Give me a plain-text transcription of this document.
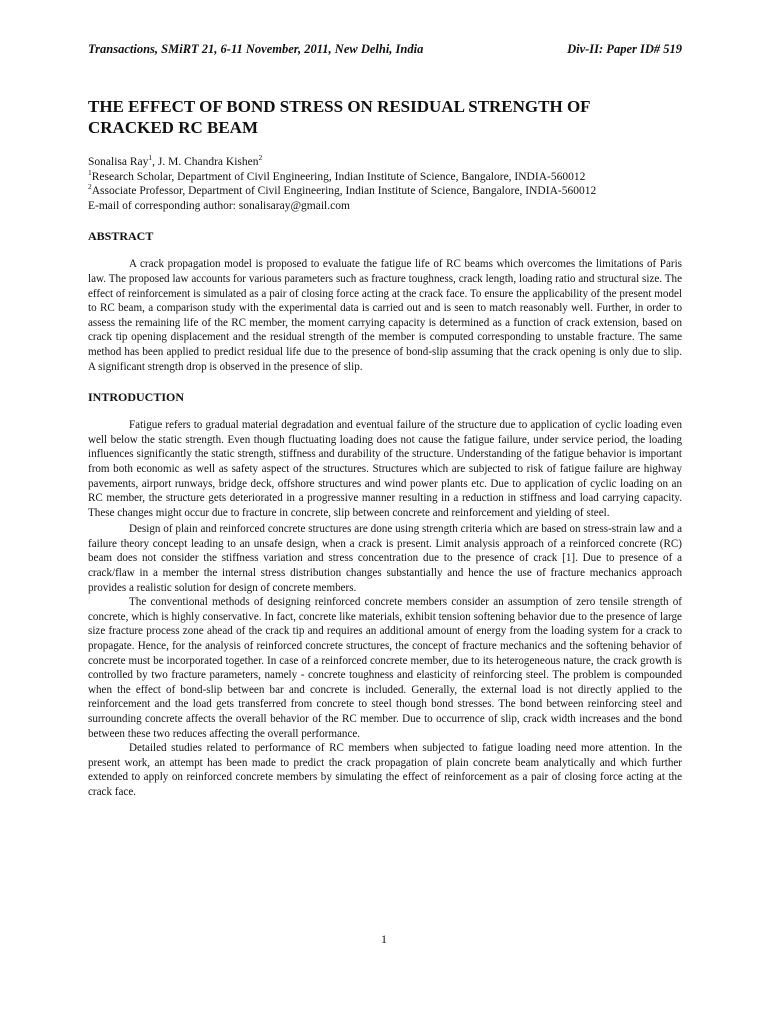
Transactions, SMiRT 21, 6-11 November, 2011, New Delhi, India	Div-II: Paper ID# 519
THE EFFECT OF BOND STRESS ON RESIDUAL STRENGTH OF CRACKED RC BEAM
Sonalisa Ray$^1$, J. M. Chandra Kishen$^2$
$^1$Research Scholar, Department of Civil Engineering, Indian Institute of Science, Bangalore, INDIA-560012
$^2$Associate Professor, Department of Civil Engineering, Indian Institute of Science, Bangalore, INDIA-560012
E-mail of corresponding author: sonalisaray@gmail.com
ABSTRACT

A crack propagation model is proposed to evaluate the fatigue life of RC beams which overcomes the limitations of Paris law. The proposed law accounts for various parameters such as fracture toughness, crack length, loading ratio and structural size. The effect of reinforcement is simulated as a pair of closing force acting at the crack face. To ensure the applicability of the present model to RC beam, a comparison study with the experimental data is carried out and is seen to match reasonably well. Further, in order to assess the remaining life of the RC member, the moment carrying capacity is determined as a function of crack extension, based on crack tip opening displacement and the residual strength of the member is computed corresponding to unstable fracture. The same method has been applied to predict residual life due to the presence of bond-slip assuming that the crack opening is only due to slip. A significant strength drop is observed in the presence of slip.

INTRODUCTION

Fatigue refers to gradual material degradation and eventual failure of the structure due to application of cyclic loading even well below the static strength. Even though fluctuating loading does not cause the fatigue failure, under service period, the loading influences significantly the static strength, stiffness and durability of the structure. Understanding of the fatigue behavior is important from both economic as well as safety aspect of the structures. Structures which are subjected to risk of fatigue failure are highway pavements, airport runways, bridge deck, offshore structures and wind power plants etc. Due to application of cyclic loading on an RC member, the structure gets deteriorated in a progressive manner resulting in a reduction in stiffness and load carrying capacity. These changes might occur due to fracture in concrete, slip between concrete and reinforcement and yielding of steel.

Design of plain and reinforced concrete structures are done using strength criteria which are based on stress-strain law and a failure theory concept leading to an unsafe design, when a crack is present. Limit analysis approach of a reinforced concrete (RC) beam does not consider the stiffness variation and stress concentration due to the presence of crack [1]. Due to presence of a crack/flaw in a member the internal stress distribution changes substantially and hence the use of fracture mechanics approach provides a realistic solution for design of concrete members.

The conventional methods of designing reinforced concrete members consider an assumption of zero tensile strength of concrete, which is highly conservative. In fact, concrete like materials, exhibit tension softening behavior due to the presence of large size fracture process zone ahead of the crack tip and requires an additional amount of energy from the loading system for a crack to propagate. Hence, for the analysis of reinforced concrete structures, the concept of fracture mechanics and the softening behavior of concrete must be incorporated together. In case of a reinforced concrete member, due to its heterogeneous nature, the crack growth is controlled by two fracture parameters, namely - concrete toughness and elasticity of reinforcing steel. The problem is compounded when the effect of bond-slip between bar and concrete is included. Generally, the external load is not directly applied to the reinforcement and the load gets transferred from concrete to steel though bond stresses. The bond between reinforcing steel and surrounding concrete affects the overall behavior of the RC member. Due to occurrence of slip, crack width increases and the bond between these two reduces affecting the overall performance.

Detailed studies related to performance of RC members when subjected to fatigue loading need more attention. In the present work, an attempt has been made to predict the crack propagation of plain concrete beam analytically and which further extended to apply on reinforced concrete members by simulating the effect of reinforcement as a pair of closing force acting at the crack face.

1
